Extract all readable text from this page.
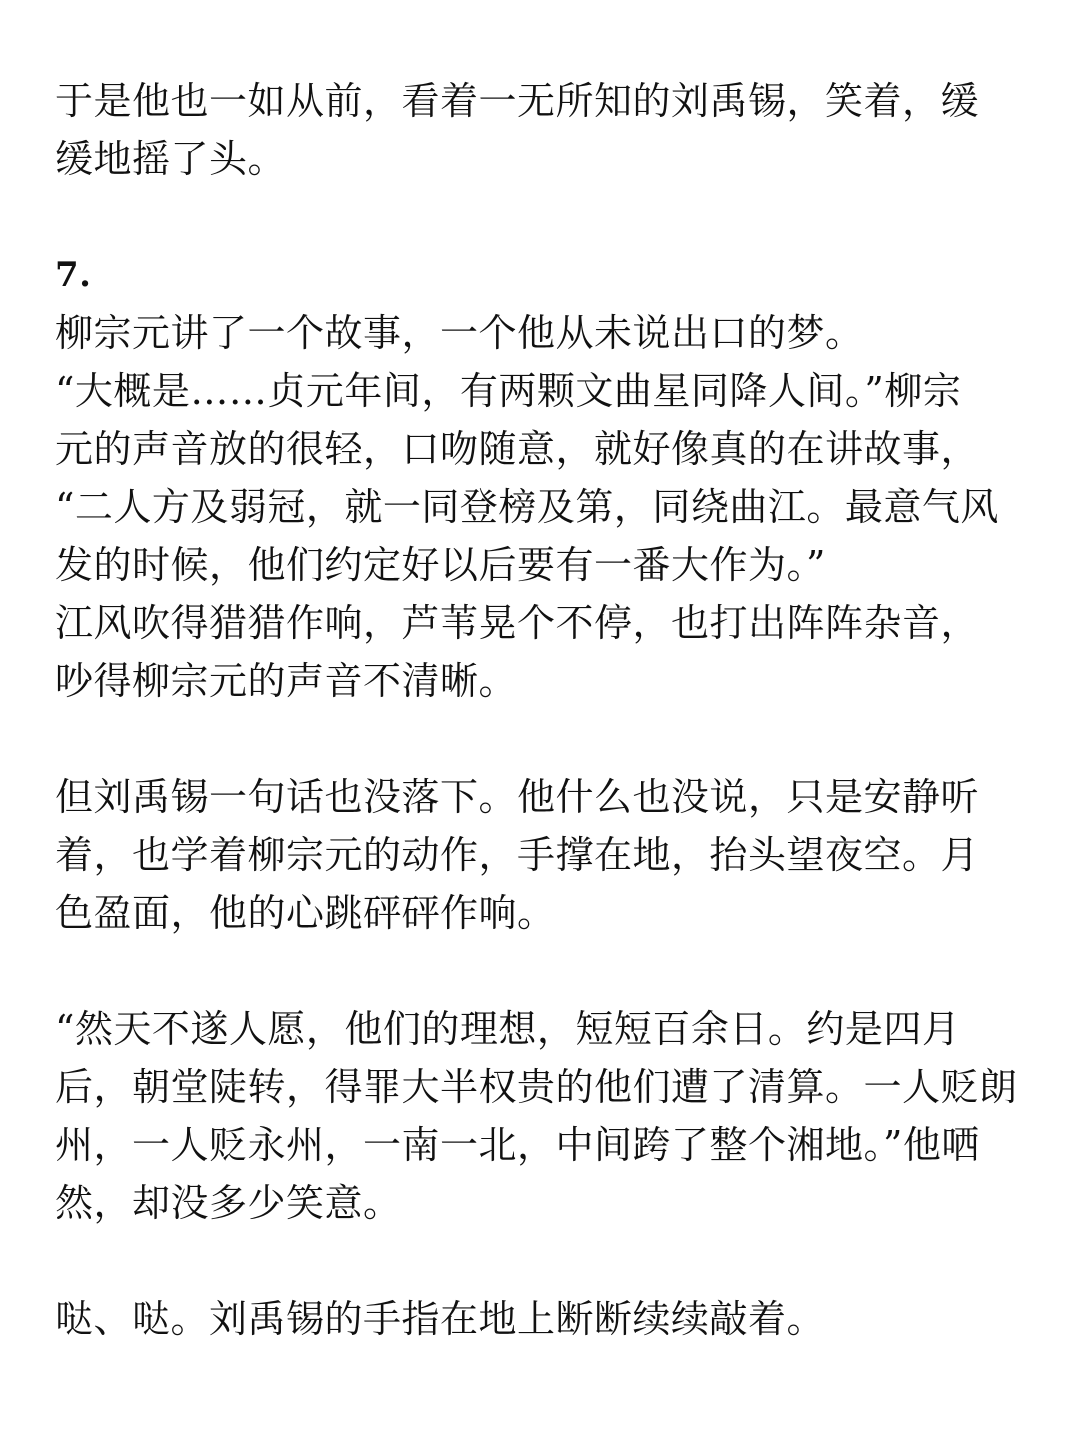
于是他也一如从前，看着一无所知的刘禹锡，笑着，缓
缓地摇了头。
7.
柳宗元讲了一个故事，一个他从未说出口的梦。
“大概是……贞元年间，有两颗文曲星同降人间。”柳宗
元的声音放的很轻，口吻随意，就好像真的在讲故事，
“二人方及弱冠，就一同登榜及第，同绕曲江。最意气风
发的时候，他们约定好以后要有一番大作为。”
江风吹得猎猎作响，芦苇晃个不停，也打出阵阵杂音，
吵得柳宗元的声音不清晰。
但刘禹锡一句话也没落下。他什么也没说，只是安静听
着，也学着柳宗元的动作，手撑在地，抬头望夜空。月
色盈面，他的心跳砰砰作响。
“然天不遂人愿，他们的理想，短短百余日。约是四月
后，朝堂陡转，得罪大半权贵的他们遭了清算。一人贬朗
州，一人贬永州，一南一北，中间跨了整个湘地。”他哂
然，却没多少笑意。
哒、哒。刘禹锡的手指在地上断断续续敲着。
